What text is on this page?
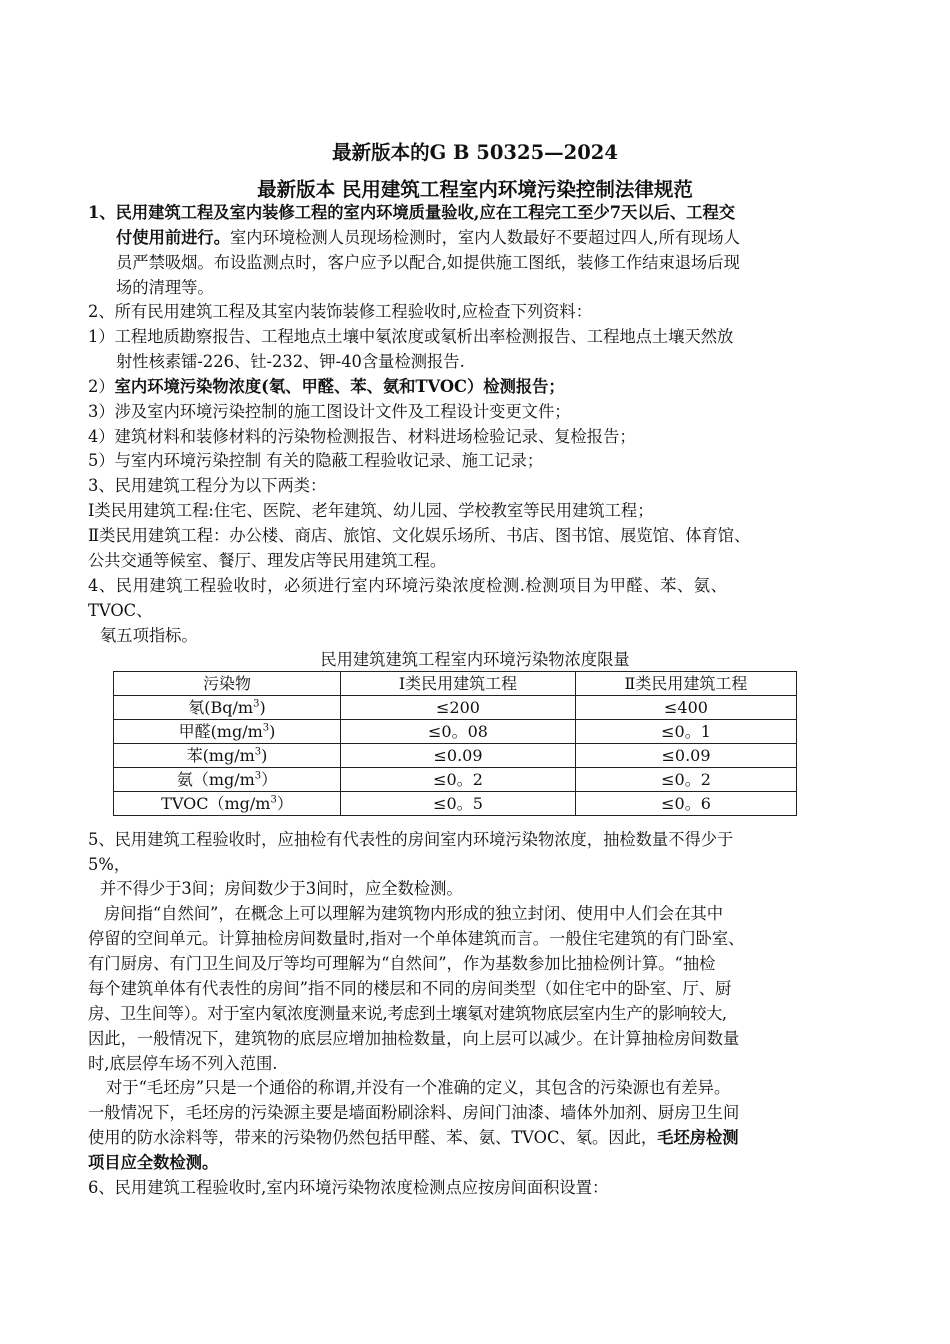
最新版本的G B 50325—2024
最新版本 民用建筑工程室内环境污染控制法律规范
1、民用建筑工程及室内装修工程的室内环境质量验收,应在工程完工至少7天以后、工程交
付使用前进行。室内环境检测人员现场检测时，室内人数最好不要超过四人,所有现场人
员严禁吸烟。布设监测点时，客户应予以配合,如提供施工图纸，装修工作结束退场后现
场的清理等。
2、所有民用建筑工程及其室内装饰装修工程验收时,应检查下列资料：
1）工程地质勘察报告、工程地点土壤中氡浓度或氡析出率检测报告、工程地点土壤天然放
射性核素镭-226、钍-232、钾-40含量检测报告.
2）室内环境污染物浓度(氡、甲醛、苯、氨和TVOC）检测报告；
3）涉及室内环境污染控制的施工图设计文件及工程设计变更文件；
4）建筑材料和装修材料的污染物检测报告、材料进场检验记录、复检报告；
5）与室内环境污染控制 有关的隐蔽工程验收记录、施工记录；
3、民用建筑工程分为以下两类：
Ⅰ类民用建筑工程:住宅、医院、老年建筑、幼儿园、学校教室等民用建筑工程；
Ⅱ类民用建筑工程：办公楼、商店、旅馆、文化娱乐场所、书店、图书馆、展览馆、体育馆、
公共交通等候室、餐厅、理发店等民用建筑工程。
4、民用建筑工程验收时，必须进行室内环境污染浓度检测.检测项目为甲醛、苯、氨、
TVOC、
氡五项指标。
民用建筑建筑工程室内环境污染物浓度限量
污染物	Ⅰ类民用建筑工程	Ⅱ类民用建筑工程
氡$(Bq/m^3)$	≤200	≤400
甲醛$(mg/m^3)$	≤0。08	≤0。1
苯$(mg/m^3)$	≤0.09	≤0.09
氨$(mg/m^3)$	≤0。2	≤0。2
$TVOC(mg/m^3)$	≤0。5	≤0。6
5、民用建筑工程验收时，应抽检有代表性的房间室内环境污染物浓度，抽检数量不得少于
5%，
并不得少于3间；房间数少于3间时，应全数检测。
房间指“自然间”，在概念上可以理解为建筑物内形成的独立封闭、使用中人们会在其中
停留的空间单元。计算抽检房间数量时,指对一个单体建筑而言。一般住宅建筑的有门卧室、
有门厨房、有门卫生间及厅等均可理解为“自然间”，作为基数参加比抽检例计算。“抽检
每个建筑单体有代表性的房间”指不同的楼层和不同的房间类型（如住宅中的卧室、厅、厨
房、卫生间等）。对于室内氡浓度测量来说,考虑到土壤氡对建筑物底层室内生产的影响较大,
因此，一般情况下，建筑物的底层应增加抽检数量，向上层可以减少。在计算抽检房间数量
时,底层停车场不列入范围.
对于“毛坯房”只是一个通俗的称谓,并没有一个准确的定义，其包含的污染源也有差异。
一般情况下，毛坯房的污染源主要是墙面粉刷涂料、房间门油漆、墙体外加剂、厨房卫生间
使用的防水涂料等，带来的污染物仍然包括甲醛、苯、氨、TVOC、氡。因此，毛坯房检测
项目应全数检测。
6、民用建筑工程验收时,室内环境污染物浓度检测点应按房间面积设置：
